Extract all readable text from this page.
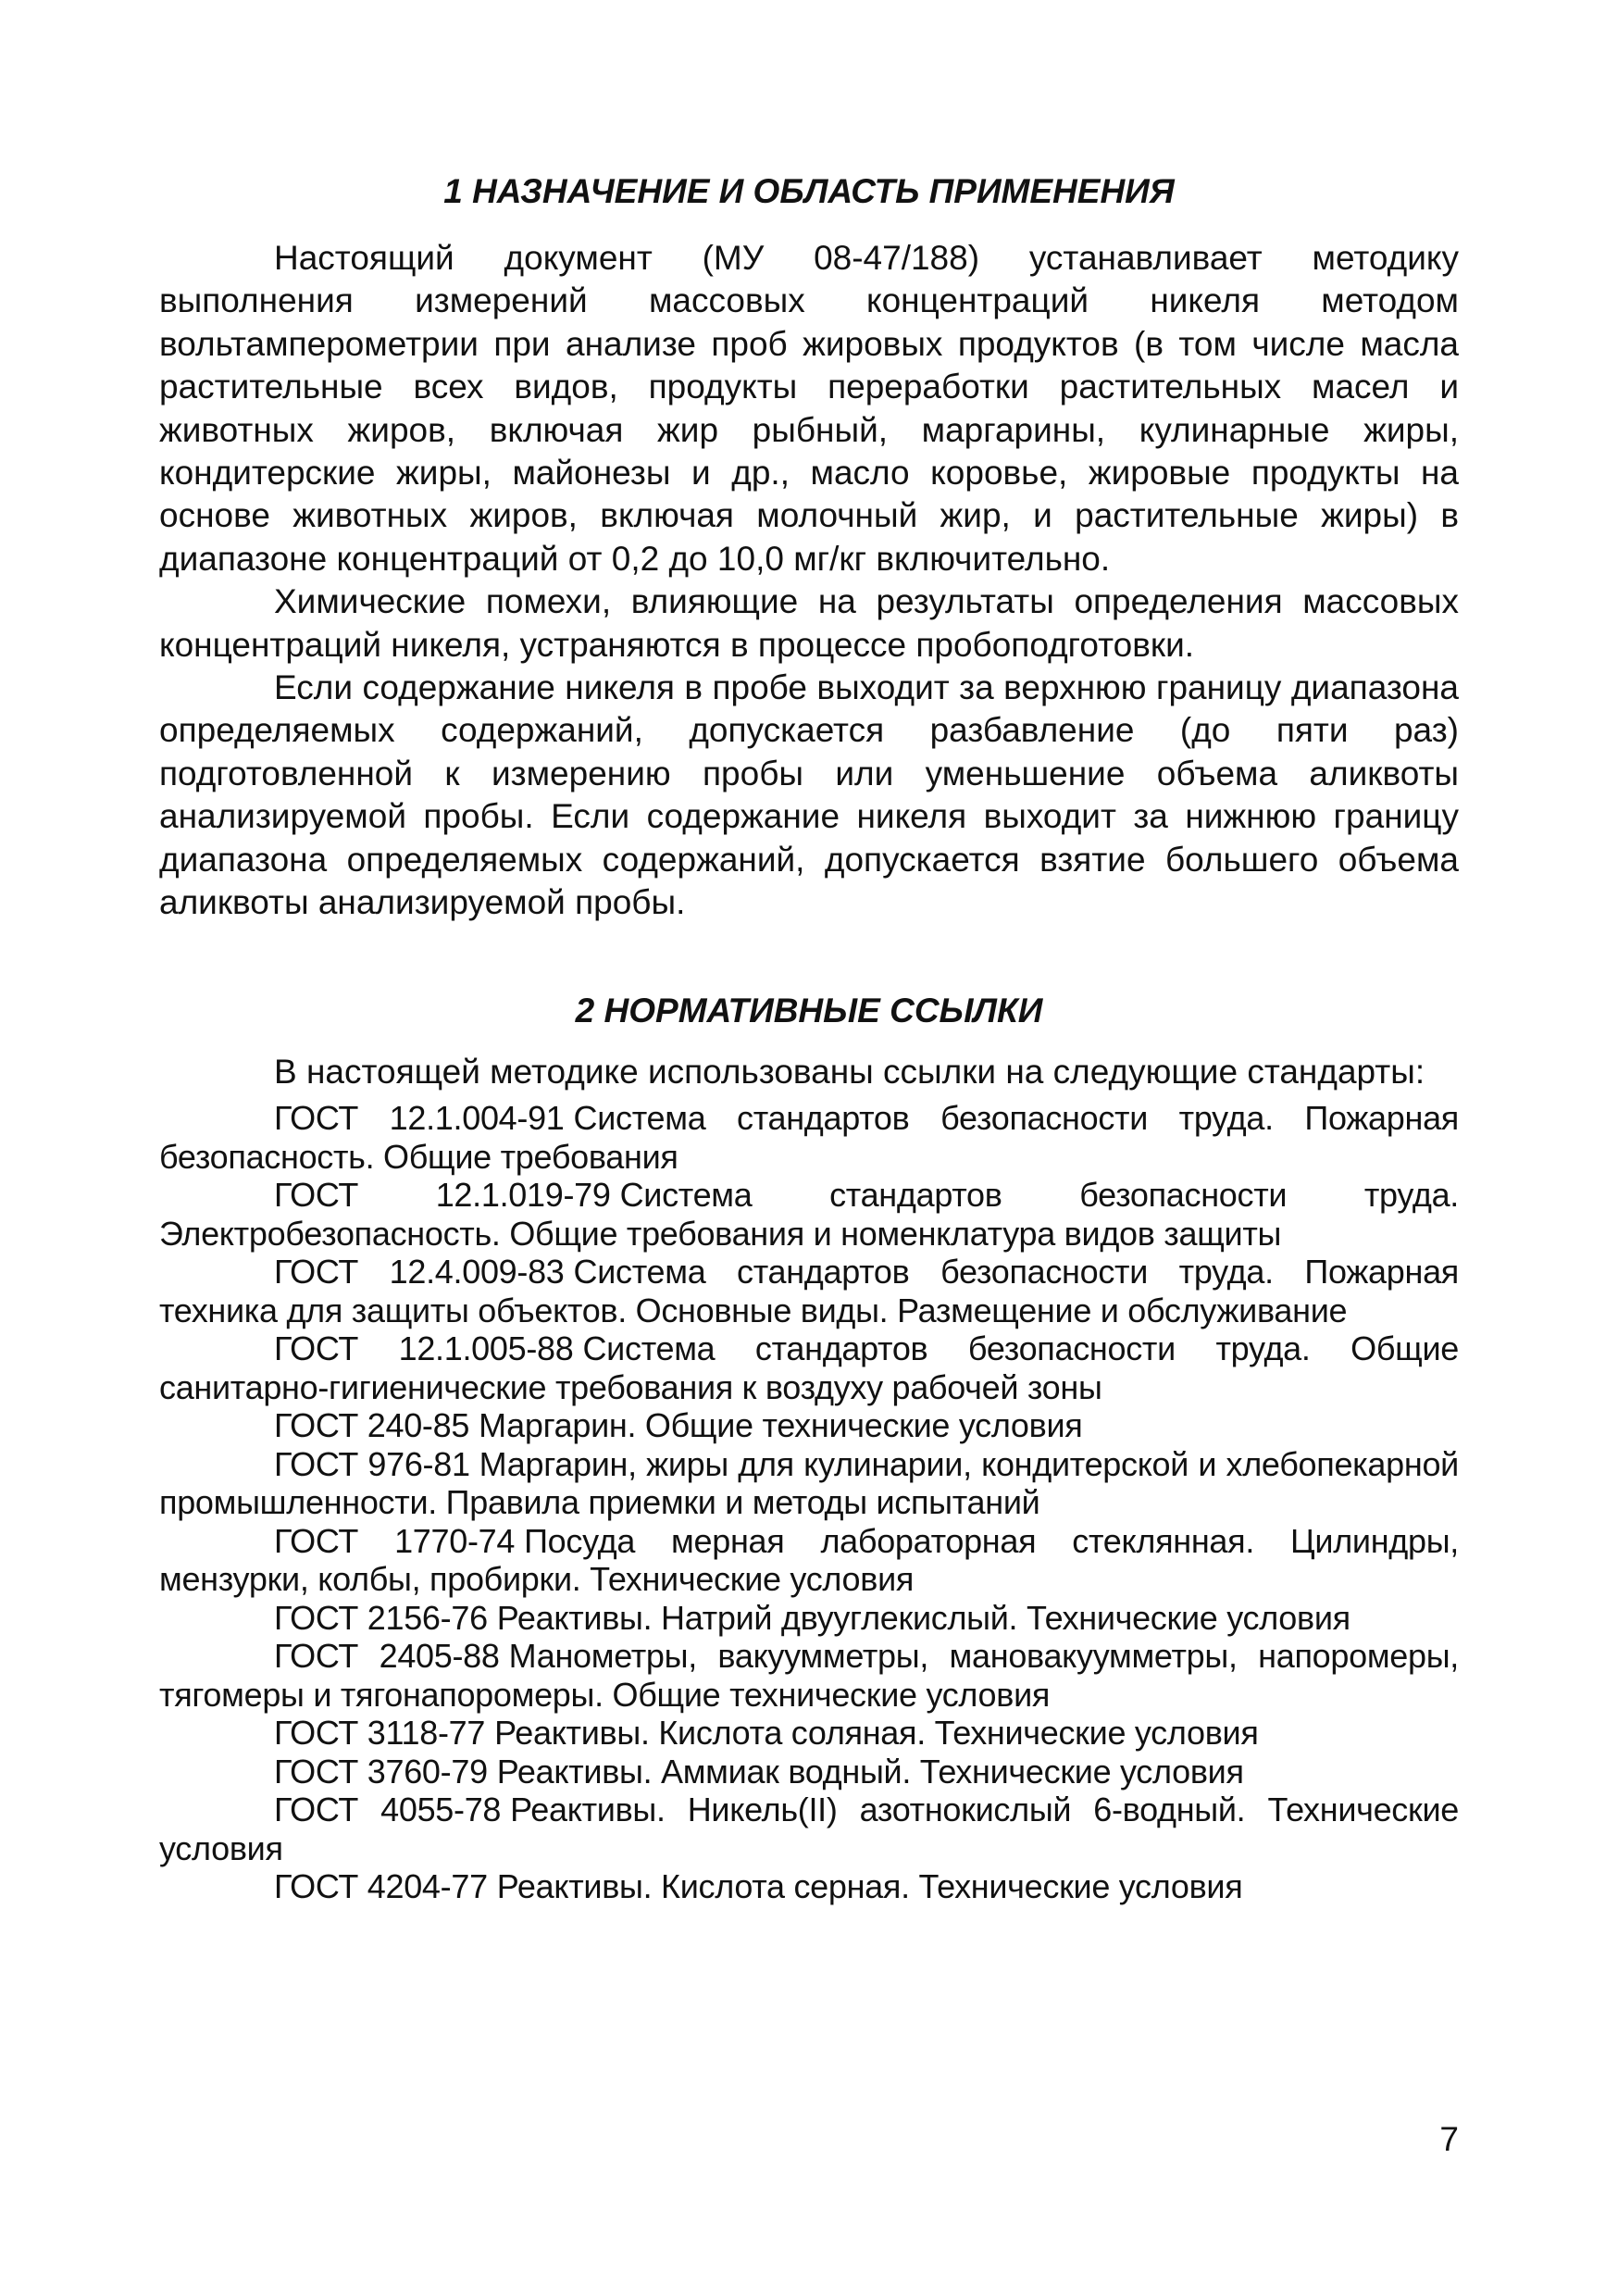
1 НАЗНАЧЕНИЕ И ОБЛАСТЬ ПРИМЕНЕНИЯ

Настоящий документ (МУ 08-47/188) устанавливает методику выполнения измерений массовых концентраций никеля методом вольтамперометрии при анализе проб жировых продуктов (в том числе масла растительные всех видов, продукты переработки растительных масел и животных жиров, включая жир рыбный, маргарины, кулинарные жиры, кондитерские жиры, майонезы и др., масло коровье, жировые продукты на основе животных жиров, включая молочный жир, и растительные жиры) в диапазоне концентраций от 0,2 до 10,0 мг/кг включительно.

Химические помехи, влияющие на результаты определения массовых концентраций никеля, устраняются в процессе пробоподготовки.

Если содержание никеля в пробе выходит за верхнюю границу диапазона определяемых содержаний, допускается разбавление (до пяти раз) подготовленной к измерению пробы или уменьшение объема аликвоты анализируемой пробы. Если содержание никеля выходит за нижнюю границу диапазона определяемых содержаний, допускается взятие большего объема аликвоты анализируемой пробы.

2 НОРМАТИВНЫЕ ССЫЛКИ

В настоящей методике использованы ссылки на следующие стандарты:

ГОСТ 12.1.004-91 Система стандартов безопасности труда. Пожарная безопасность. Общие требования
ГОСТ 12.1.019-79 Система стандартов безопасности труда. Электробезопасность. Общие требования и номенклатура видов защиты
ГОСТ 12.4.009-83 Система стандартов безопасности труда. Пожарная техника для защиты объектов. Основные виды. Размещение и обслуживание
ГОСТ 12.1.005-88 Система стандартов безопасности труда. Общие санитарно-гигиенические требования к воздуху рабочей зоны
ГОСТ 240-85 Маргарин. Общие технические условия
ГОСТ 976-81 Маргарин, жиры для кулинарии, кондитерской и хлебопекарной промышленности. Правила приемки и методы испытаний
ГОСТ 1770-74 Посуда мерная лабораторная стеклянная. Цилиндры, мензурки, колбы, пробирки. Технические условия
ГОСТ 2156-76 Реактивы. Натрий двууглекислый. Технические условия
ГОСТ 2405-88 Манометры, вакуумметры, мановакуумметры, напоромеры, тягомеры и тягонапоромеры. Общие технические условия
ГОСТ 3118-77 Реактивы. Кислота соляная. Технические условия
ГОСТ 3760-79 Реактивы. Аммиак водный. Технические условия
ГОСТ 4055-78 Реактивы. Никель(II) азотнокислый 6-водный. Технические условия
ГОСТ 4204-77 Реактивы. Кислота серная. Технические условия
7
